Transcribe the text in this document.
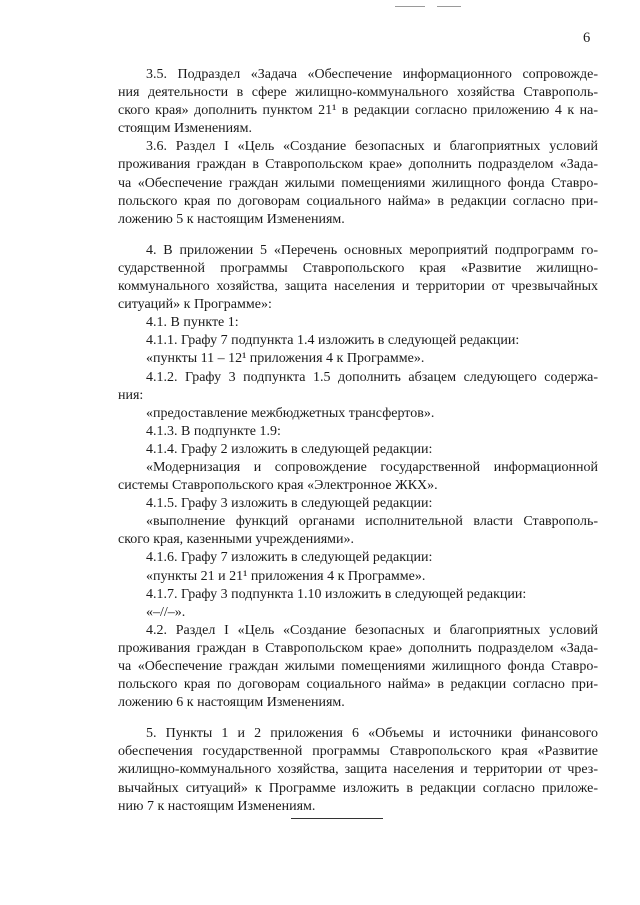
6
3.5. Подраздел «Задача «Обеспечение информационного сопровожде-
ния деятельности в сфере жилищно-коммунального хозяйства Ставрополь-
ского края» дополнить пунктом 21¹ в редакции согласно приложению 4 к на-
стоящим Изменениям.
3.6. Раздел I «Цель «Создание безопасных и благоприятных условий
проживания граждан в Ставропольском крае» дополнить подразделом «Зада-
ча «Обеспечение граждан жилыми помещениями жилищного фонда Ставро-
польского края по договорам социального найма» в редакции согласно при-
ложению 5 к настоящим Изменениям.
4. В приложении 5 «Перечень основных мероприятий подпрограмм го-
сударственной программы Ставропольского края «Развитие жилищно-
коммунального хозяйства, защита населения и территории от чрезвычайных
ситуаций» к Программе»:
4.1. В пункте 1:
4.1.1. Графу 7 подпункта 1.4 изложить в следующей редакции:
«пункты 11 – 12¹ приложения 4 к Программе».
4.1.2. Графу 3 подпункта 1.5 дополнить абзацем следующего содержа-
ния:
«предоставление межбюджетных трансфертов».
4.1.3. В подпункте 1.9:
4.1.4. Графу 2 изложить в следующей редакции:
«Модернизация и сопровождение государственной информационной
системы Ставропольского края «Электронное ЖКХ».
4.1.5. Графу 3 изложить в следующей редакции:
«выполнение функций органами исполнительной власти Ставрополь-
ского края, казенными учреждениями».
4.1.6. Графу 7 изложить в следующей редакции:
«пункты 21 и 21¹ приложения 4 к Программе».
4.1.7. Графу 3 подпункта 1.10 изложить в следующей редакции:
«–//–».
4.2. Раздел I «Цель «Создание безопасных и благоприятных условий
проживания граждан в Ставропольском крае» дополнить подразделом «Зада-
ча «Обеспечение граждан жилыми помещениями жилищного фонда Ставро-
польского края по договорам социального найма» в редакции согласно при-
ложению 6 к настоящим Изменениям.
5. Пункты 1 и 2 приложения 6 «Объемы и источники финансового
обеспечения государственной программы Ставропольского края «Развитие
жилищно-коммунального хозяйства, защита населения и территории от чрез-
вычайных ситуаций» к Программе изложить в редакции согласно приложе-
нию 7 к настоящим Изменениям.
